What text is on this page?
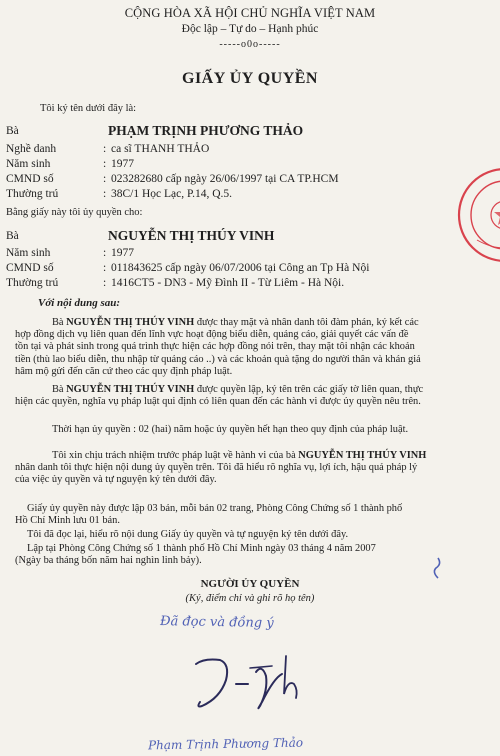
CỘNG HÒA XÃ HỘI CHỦ NGHĨA VIỆT NAM
Độc lập – Tự do – Hạnh phúc
-----o0o-----
GIẤY ỦY QUYỀN
Tôi ký tên dưới đây là:
Bà	PHẠM TRỊNH PHƯƠNG THẢO
Nghề danh	: ca sĩ THANH THẢO
Năm sinh	: 1977
CMND số	: 023282680 cấp ngày 26/06/1997 tại CA TP.HCM
Thường trú	: 38C/1 Học Lạc, P.14, Q.5.
Bằng giấy này tôi ủy quyền cho:
Bà	NGUYỄN THỊ THÚY VINH
Năm sinh	: 1977
CMND số	: 011843625 cấp ngày 06/07/2006 tại Công an Tp Hà Nội
Thường trú	: 1416CT5 - DN3 - Mỹ Đình II - Từ Liêm - Hà Nội.
Với nội dung sau:
Bà NGUYỄN THỊ THÚY VINH được thay mặt và nhân danh tôi đàm phán, ký kết các
hợp đồng dịch vụ liên quan đến lĩnh vực hoạt động biểu diễn, quảng cáo, giải quyết các vấn đề
tồn tại và phát sinh trong quá trình thực hiện các hợp đồng nói trên, thay mặt tôi nhận các khoản
tiền (thù lao biểu diễn, thu nhập từ quảng cáo ..) và các khoản quà tặng do người thân và khán giả
hâm mộ gửi đến căn cứ theo các quy định pháp luật.
Bà NGUYỄN THỊ THÚY VINH được quyền lập, ký tên trên các giấy tờ liên quan, thực
hiện các quyền, nghĩa vụ pháp luật qui định có liên quan đến các hành vi được ủy quyền nêu trên.
Thời hạn ủy quyền : 02 (hai) năm hoặc ủy quyền hết hạn theo quy định của pháp luật.
Tôi xin chịu trách nhiệm trước pháp luật về hành vi của bà NGUYỄN THỊ THÚY VINH
nhân danh tôi thực hiện nội dung ủy quyền trên. Tôi đã hiểu rõ nghĩa vụ, lợi ích, hậu quả pháp lý
của việc ủy quyền và tự nguyện ký tên dưới đây.
Giấy ủy quyền này được lập 03 bản, mỗi bản 02 trang, Phòng Công Chứng số 1 thành phố
Hồ Chí Minh lưu 01 bản.
Tôi đã đọc lại, hiểu rõ nội dung Giấy ủy quyền và tự nguyện ký tên dưới đây.
Lập tại Phòng Công Chứng số 1 thành phố Hồ Chí Minh ngày 03 tháng 4 năm 2007
(Ngày ba tháng bốn năm hai nghìn linh bảy).
NGƯỜI ỦY QUYỀN
(Ký, điểm chỉ và ghi rõ họ tên)
Đã đọc và đồng ý
Phạm Trịnh Phương Thảo
